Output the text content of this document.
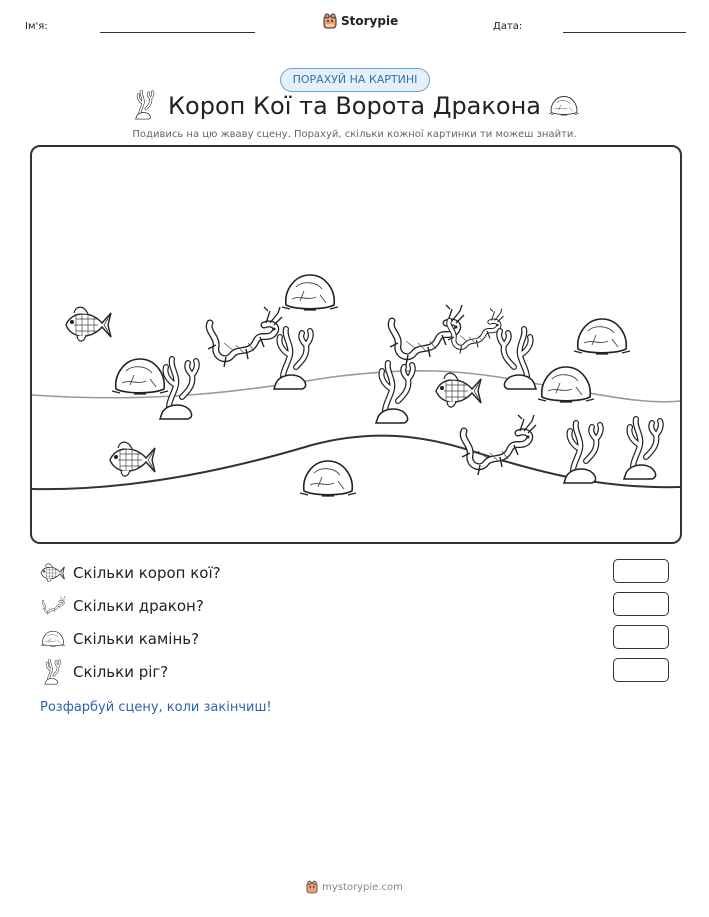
Ім'я:	Storypie	Дата:
ПОРАХУЙ НА КАРТИНІ
Короп Кої та Ворота Дракона
Подивись на цю жваву сцену. Порахуй, скільки кожної картинки ти можеш знайти.
Скільки короп кої?
Скільки дракон?
Скільки камінь?
Скільки ріг?
Розфарбуй сцену, коли закінчиш!
mystorypie.com
